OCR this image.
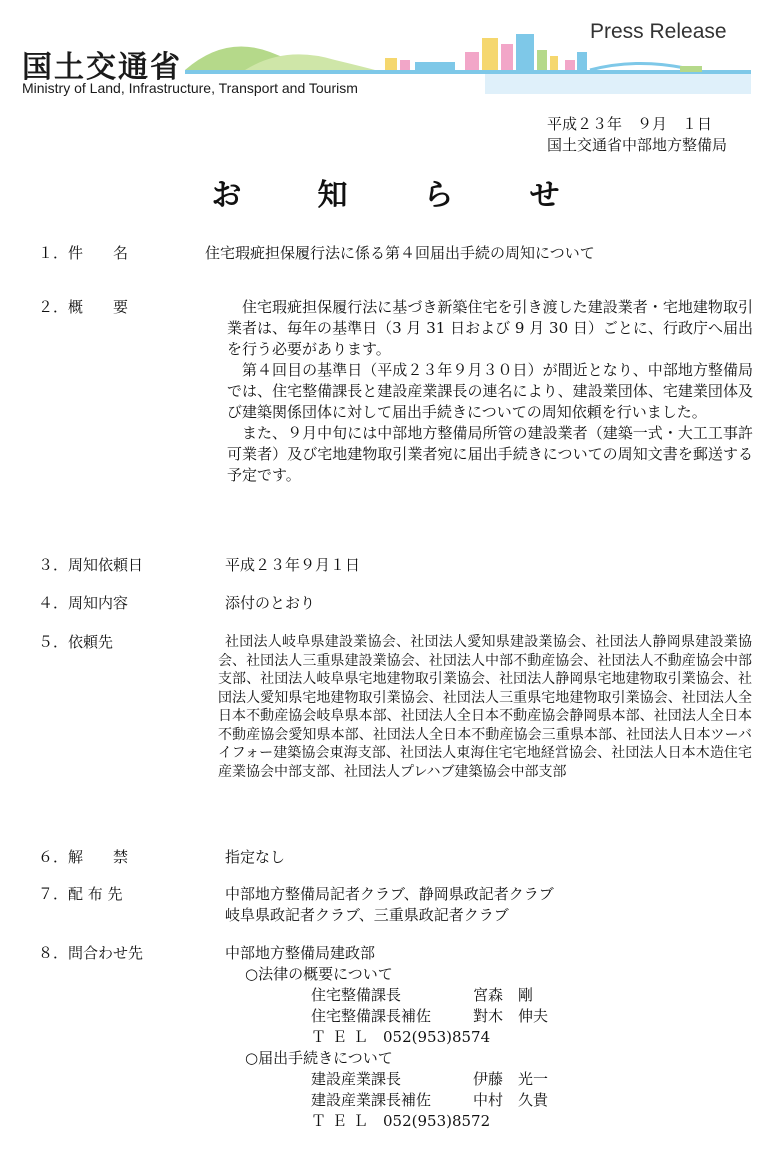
国土交通省
Ministry of Land, Infrastructure, Transport and Tourism
Press Release
平成２３年　９月　１日
国土交通省中部地方整備局
お	知	ら	せ
１．件　　名	住宅瑕疵担保履行法に係る第４回届出手続の周知について
２．概　　要	住宅瑕疵担保履行法に基づき新築住宅を引き渡した建設業者・宅地建物取引業者は、毎年の基準日（3 月 31 日および 9 月 30 日）ごとに、行政庁へ届出を行う必要があります。

第４回目の基準日（平成２３年９月３０日）が間近となり、中部地方整備局では、住宅整備課長と建設産業課長の連名により、建設業団体、宅建業団体及び建築関係団体に対して届出手続きについての周知依頼を行いました。

また、９月中旬には中部地方整備局所管の建設業者（建築一式・大工工事許可業者）及び宅地建物取引業者宛に届出手続きについての周知文書を郵送する予定です。

３．周知依頼日	平成２３年９月１日
４．周知内容	添付のとおり
５．依頼先	社団法人岐阜県建設業協会、社団法人愛知県建設業協会、社団法人静岡県建設業協会、社団法人三重県建設業協会、社団法人中部不動産協会、社団法人不動産協会中部支部、社団法人岐阜県宅地建物取引業協会、社団法人静岡県宅地建物取引業協会、社団法人愛知県宅地建物取引業協会、社団法人三重県宅地建物取引業協会、社団法人全日本不動産協会岐阜県本部、社団法人全日本不動産協会静岡県本部、社団法人全日本不動産協会愛知県本部、社団法人全日本不動産協会三重県本部、社団法人日本ツーバイフォー建築協会東海支部、社団法人東海住宅宅地経営協会、社団法人日本木造住宅産業協会中部支部、社団法人プレハブ建築協会中部支部

６．解　　禁	指定なし
７．配 布 先	中部地方整備局記者クラブ、静岡県政記者クラブ

岐阜県政記者クラブ、三重県政記者クラブ

８．問合わせ先	中部地方整備局建政部

○法律の概要について

住宅整備課長	宮森　剛

住宅整備課長補佐	對木　伸夫

ＴＥＬ 052(953)8574

○届出手続きについて

建設産業課長	伊藤　光一

建設産業課長補佐	中村　久貴

ＴＥＬ 052(953)8572
